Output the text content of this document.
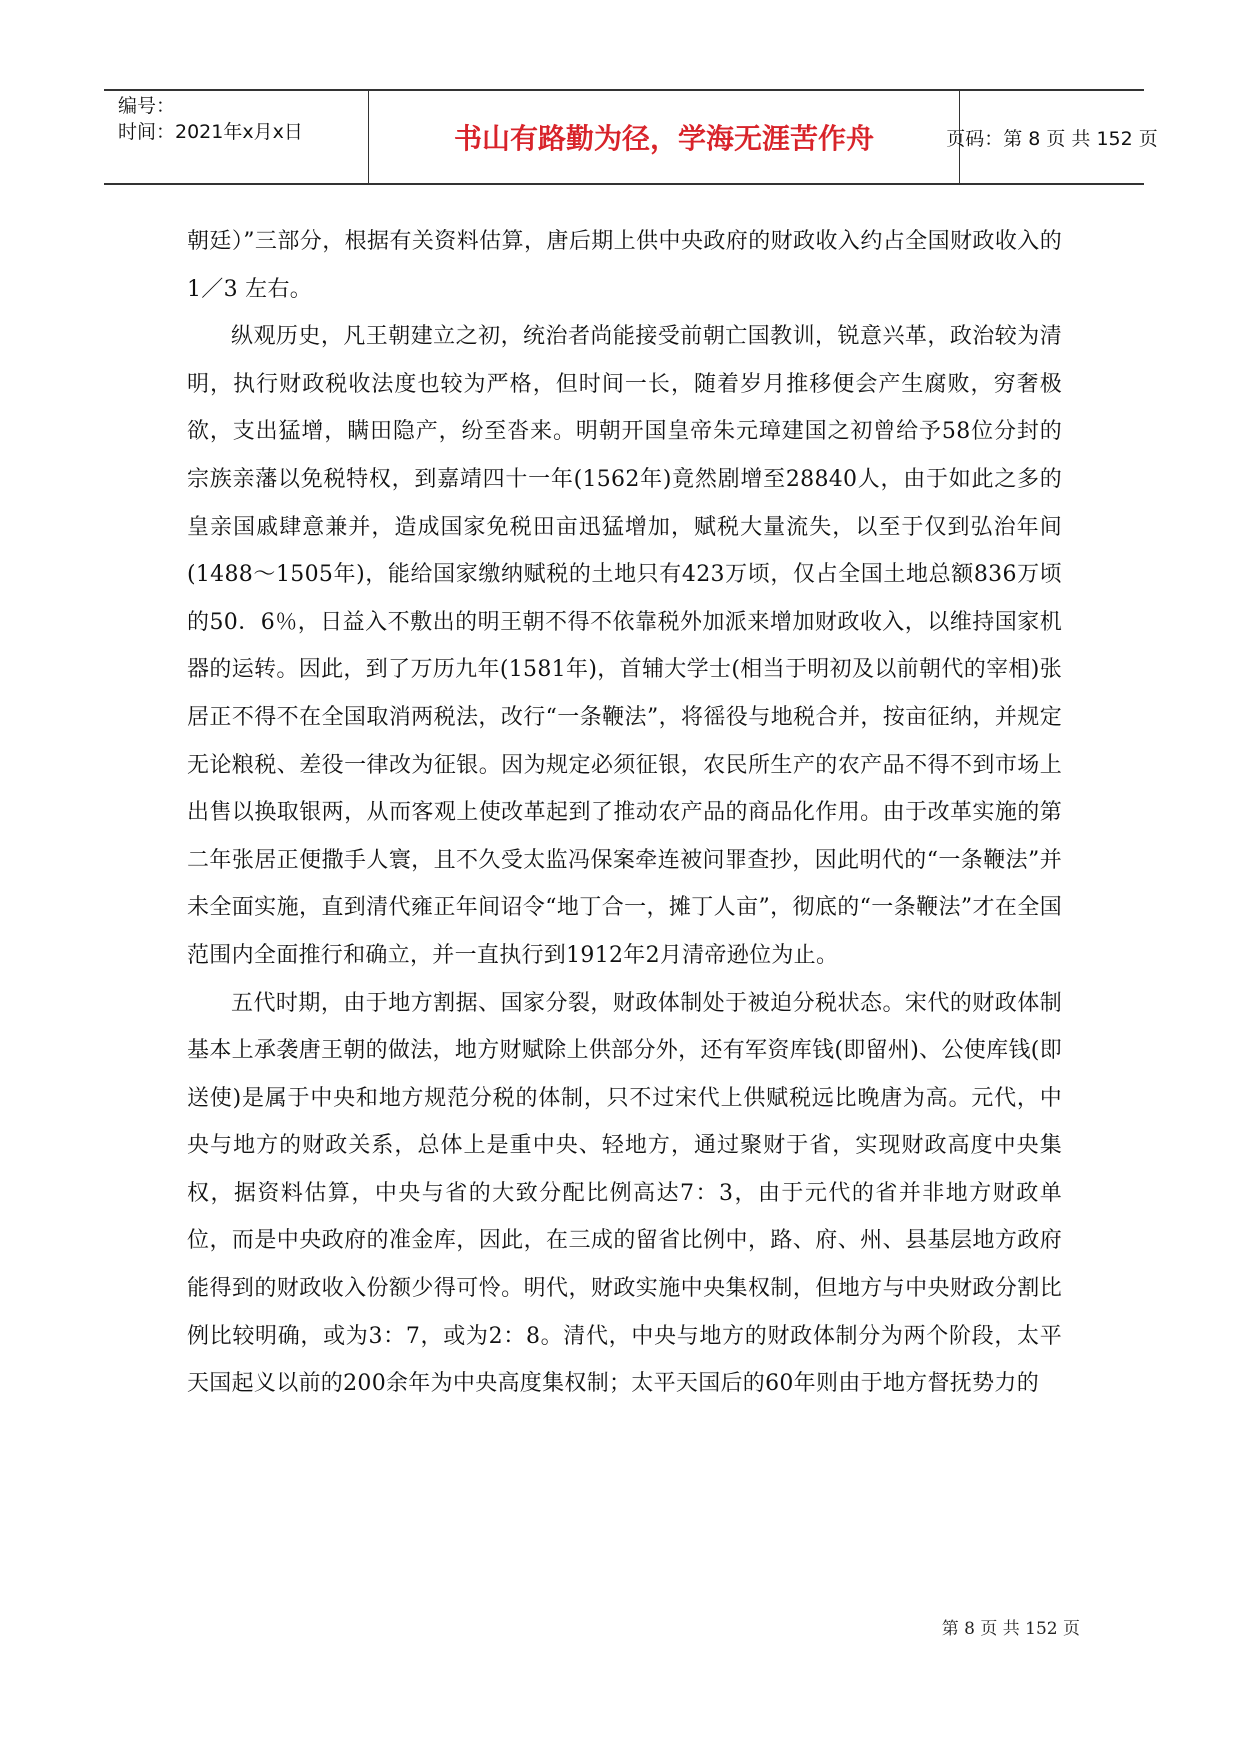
编号：
时间：2021年x月x日	书山有路勤为径，学海无涯苦作舟	页码：第 8 页 共 152 页

朝廷）”三部分，根据有关资料估算，唐后期上供中央政府的财政收入约占全国财政收入的 1／3 左右。

纵观历史，凡王朝建立之初，统治者尚能接受前朝亡国教训，锐意兴革，政治较为清明，执行财政税收法度也较为严格，但时间一长，随着岁月推移便会产生腐败，穷奢极欲，支出猛增，瞒田隐产，纷至沓来。明朝开国皇帝朱元璋建国之初曾给予58位分封的宗族亲藩以免税特权，到嘉靖四十一年(1562年)竟然剧增至28840人，由于如此之多的皇亲国戚肆意兼并，造成国家免税田亩迅猛增加，赋税大量流失，以至于仅到弘治年间(1488～1505年)，能给国家缴纳赋税的土地只有423万顷，仅占全国土地总额836万顷的50．6％，日益入不敷出的明王朝不得不依靠税外加派来增加财政收入，以维持国家机器的运转。因此，到了万历九年(1581年)，首辅大学士(相当于明初及以前朝代的宰相)张居正不得不在全国取消两税法，改行“一条鞭法”，将徭役与地税合并，按亩征纳，并规定无论粮税、差役一律改为征银。因为规定必须征银，农民所生产的农产品不得不到市场上出售以换取银两，从而客观上使改革起到了推动农产品的商品化作用。由于改革实施的第二年张居正便撒手人寰，且不久受太监冯保案牵连被问罪查抄，因此明代的“一条鞭法”并未全面实施，直到清代雍正年间诏令“地丁合一，摊丁人亩”，彻底的“一条鞭法”才在全国范围内全面推行和确立，并一直执行到1912年2月清帝逊位为止。

五代时期，由于地方割据、国家分裂，财政体制处于被迫分税状态。宋代的财政体制基本上承袭唐王朝的做法，地方财赋除上供部分外，还有军资库钱(即留州)、公使库钱(即送使)是属于中央和地方规范分税的体制，只不过宋代上供赋税远比晚唐为高。元代，中央与地方的财政关系，总体上是重中央、轻地方，通过聚财于省，实现财政高度中央集权，据资料估算，中央与省的大致分配比例高达7：3，由于元代的省并非地方财政单位，而是中央政府的准金库，因此，在三成的留省比例中，路、府、州、县基层地方政府能得到的财政收入份额少得可怜。明代，财政实施中央集权制，但地方与中央财政分割比例比较明确，或为3：7，或为2：8。清代，中央与地方的财政体制分为两个阶段，太平天国起义以前的200余年为中央高度集权制；太平天国后的60年则由于地方督抚势力的

第 8 页 共 152 页
